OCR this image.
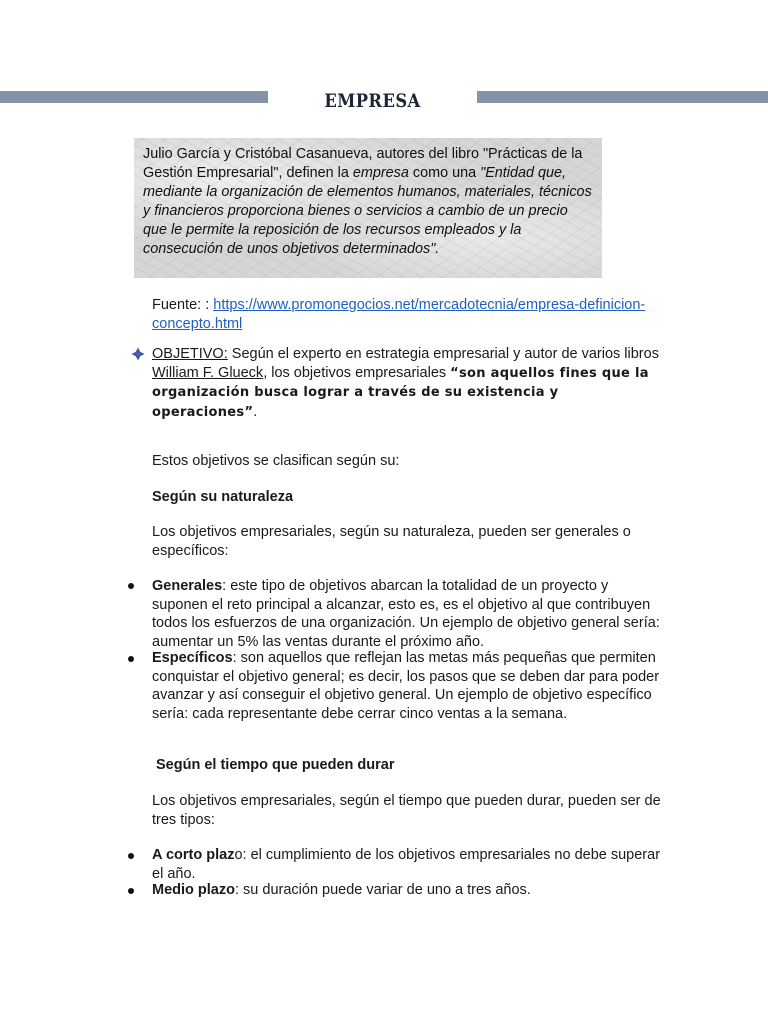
EMPRESA
Julio García y Cristóbal Casanueva, autores del libro "Prácticas de la Gestión Empresarial", definen la empresa como una "Entidad que, mediante la organización de elementos humanos, materiales, técnicos y financieros proporciona bienes o servicios a cambio de un precio que le permite la reposición de los recursos empleados y la consecución de unos objetivos determinados".
Fuente: : https://www.promonegocios.net/mercadotecnia/empresa-definicion-concepto.html
OBJETIVO: Según el experto en estrategia empresarial y autor de varios libros William F. Glueck, los objetivos empresariales “son aquellos fines que la organización busca lograr a través de su existencia y operaciones”.
Estos objetivos se clasifican según su:
Según su naturaleza
Los objetivos empresariales, según su naturaleza, pueden ser generales o específicos:
Generales: este tipo de objetivos abarcan la totalidad de un proyecto y suponen el reto principal a alcanzar, esto es, es el objetivo al que contribuyen todos los esfuerzos de una organización. Un ejemplo de objetivo general sería: aumentar un 5% las ventas durante el próximo año.
Específicos: son aquellos que reflejan las metas más pequeñas que permiten conquistar el objetivo general; es decir, los pasos que se deben dar para poder avanzar y así conseguir el objetivo general. Un ejemplo de objetivo específico sería: cada representante debe cerrar cinco ventas a la semana.
Según el tiempo que pueden durar
Los objetivos empresariales, según el tiempo que pueden durar, pueden ser de tres tipos:
A corto plazo: el cumplimiento de los objetivos empresariales no debe superar el año.
Medio plazo: su duración puede variar de uno a tres años.
